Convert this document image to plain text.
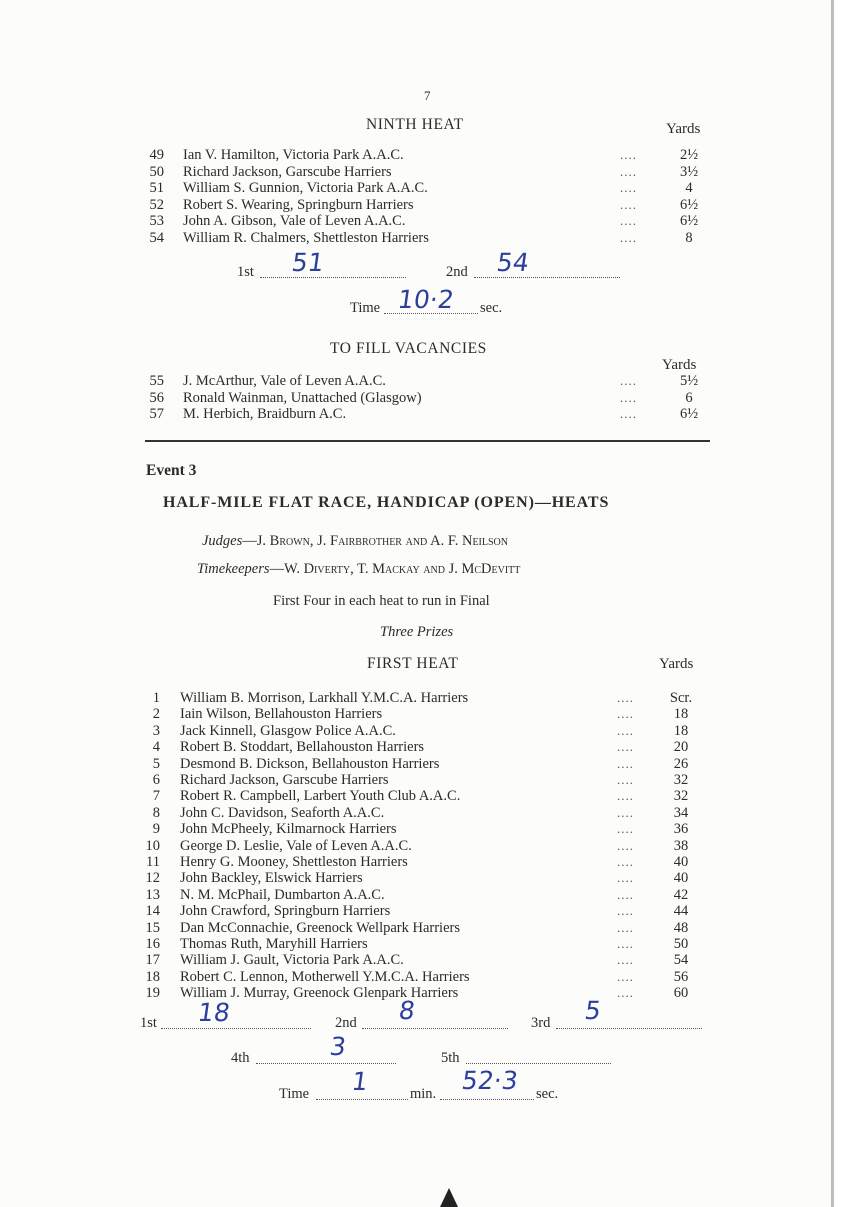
7
NINTH HEAT	Yards
49 Ian V. Hamilton, Victoria Park A.A.C.	....	2½
50 Richard Jackson, Garscube Harriers	....	3½
51 William S. Gunnion, Victoria Park A.A.C.	....	4
52 Robert S. Wearing, Springburn Harriers	....	6½
53 John A. Gibson, Vale of Leven A.A.C.	....	6½
54 William R. Chalmers, Shettleston Harriers	....	8
1st 51	2nd 54
Time 10·2 sec.
TO FILL VACANCIES
Yards
55 J. McArthur, Vale of Leven A.A.C.	....	5½
56 Ronald Wainman, Unattached (Glasgow)	....	6
57 M. Herbich, Braidburn A.C.	....	6½
Event 3
HALF-MILE FLAT RACE, HANDICAP (OPEN)—HEATS
Judges—J. Brown, J. Fairbrother and A. F. Neilson
Timekeepers—W. Diverty, T. Mackay and J. McDevitt
First Four in each heat to run in Final
Three Prizes
FIRST HEAT	Yards
1 William B. Morrison, Larkhall Y.M.C.A. Harriers	....	Scr.
2 Iain Wilson, Bellahouston Harriers	....	18
3 Jack Kinnell, Glasgow Police A.A.C.	....	18
4 Robert B. Stoddart, Bellahouston Harriers	....	20
5 Desmond B. Dickson, Bellahouston Harriers	....	26
6 Richard Jackson, Garscube Harriers	....	32
7 Robert R. Campbell, Larbert Youth Club A.A.C.	....	32
8 John C. Davidson, Seaforth A.A.C.	....	34
9 John McPheely, Kilmarnock Harriers	....	36
10 George D. Leslie, Vale of Leven A.A.C.	....	38
11 Henry G. Mooney, Shettleston Harriers	....	40
12 John Backley, Elswick Harriers	....	40
13 N. M. McPhail, Dumbarton A.A.C.	....	42
14 John Crawford, Springburn Harriers	....	44
15 Dan McConnachie, Greenock Wellpark Harriers	....	48
16 Thomas Ruth, Maryhill Harriers	....	50
17 William J. Gault, Victoria Park A.A.C.	....	54
18 Robert C. Lennon, Motherwell Y.M.C.A. Harriers	....	56
19 William J. Murray, Greenock Glenpark Harriers	....	60
1st 18	2nd 8	3rd 5
4th	3	5th
Time 1	min. 52·3 sec.
